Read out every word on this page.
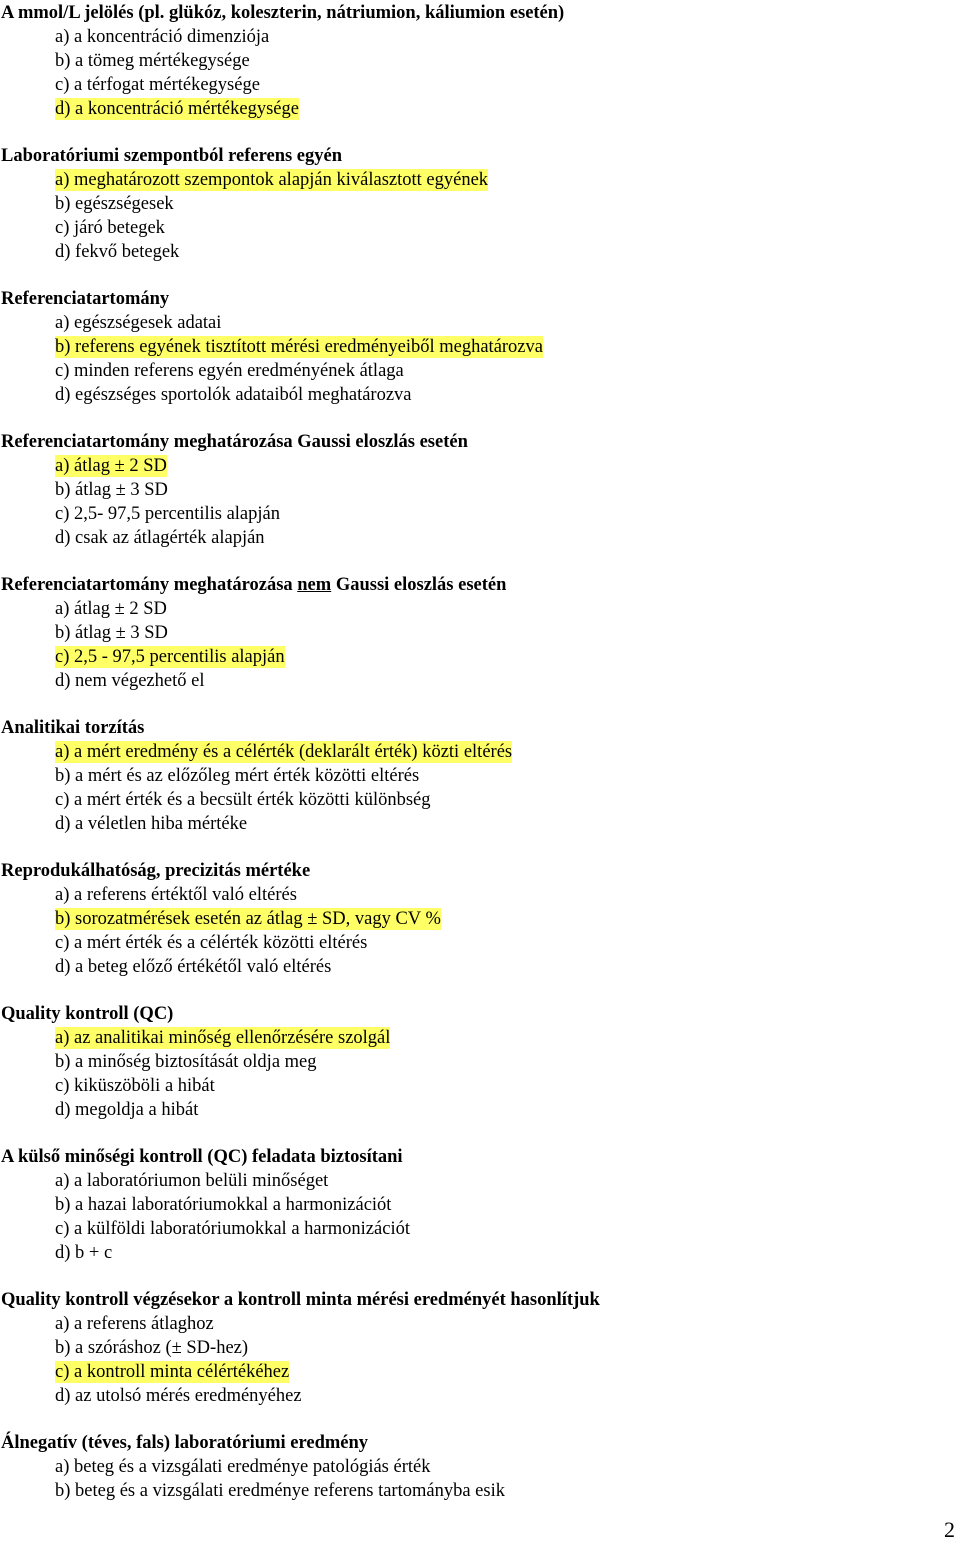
A mmol/L jelölés (pl. glükóz, koleszterin, nátriumion, káliumion esetén)
a) a koncentráció dimenziója
b) a tömeg mértékegysége
c) a térfogat mértékegysége
d) a koncentráció mértékegysége
Laboratóriumi szempontból referens egyén
a) meghatározott szempontok alapján kiválasztott egyének
b) egészségesek
c) járó betegek
d) fekvő betegek
Referenciatartomány
a) egészségesek adatai
b) referens egyének tisztított mérési eredményeiből meghatározva
c) minden referens egyén eredményének átlaga
d) egészséges sportolók adataiból meghatározva
Referenciatartomány meghatározása Gaussi eloszlás esetén
a) átlag ± 2 SD
b) átlag ± 3 SD
c) 2,5- 97,5 percentilis alapján
d) csak az átlagérték alapján
Referenciatartomány meghatározása nem Gaussi eloszlás esetén
a) átlag ± 2 SD
b) átlag ± 3 SD
c) 2,5 - 97,5 percentilis alapján
d) nem végezhető el
Analitikai torzítás
a) a mért eredmény és a célérték (deklarált érték) közti eltérés
b) a mért és az előzőleg mért érték közötti eltérés
c) a mért érték és a becsült érték közötti különbség
d) a véletlen hiba mértéke
Reprodukálhatóság, precizitás mértéke
a) a referens értéktől való eltérés
b) sorozatmérések esetén az átlag ± SD, vagy CV %
c) a mért érték és a célérték közötti eltérés
d) a beteg előző értékétől való eltérés
Quality kontroll (QC)
a) az analitikai minőség ellenőrzésére szolgál
b) a minőség biztosítását oldja meg
c) kiküszöböli a hibát
d) megoldja a hibát
A külső minőségi kontroll (QC) feladata biztosítani
a) a laboratóriumon belüli minőséget
b) a hazai laboratóriumokkal a harmonizációt
c) a külföldi laboratóriumokkal a harmonizációt
d) b + c
Quality kontroll végzésekor a kontroll minta mérési eredményét hasonlítjuk
a) a referens átlaghoz
b) a szóráshoz (± SD-hez)
c) a kontroll minta célértékéhez
d) az utolsó mérés eredményéhez
Álnegatív (téves, fals) laboratóriumi eredmény
a) beteg és a vizsgálati eredménye patológiás érték
b) beteg és a vizsgálati eredménye referens tartományba esik
2
